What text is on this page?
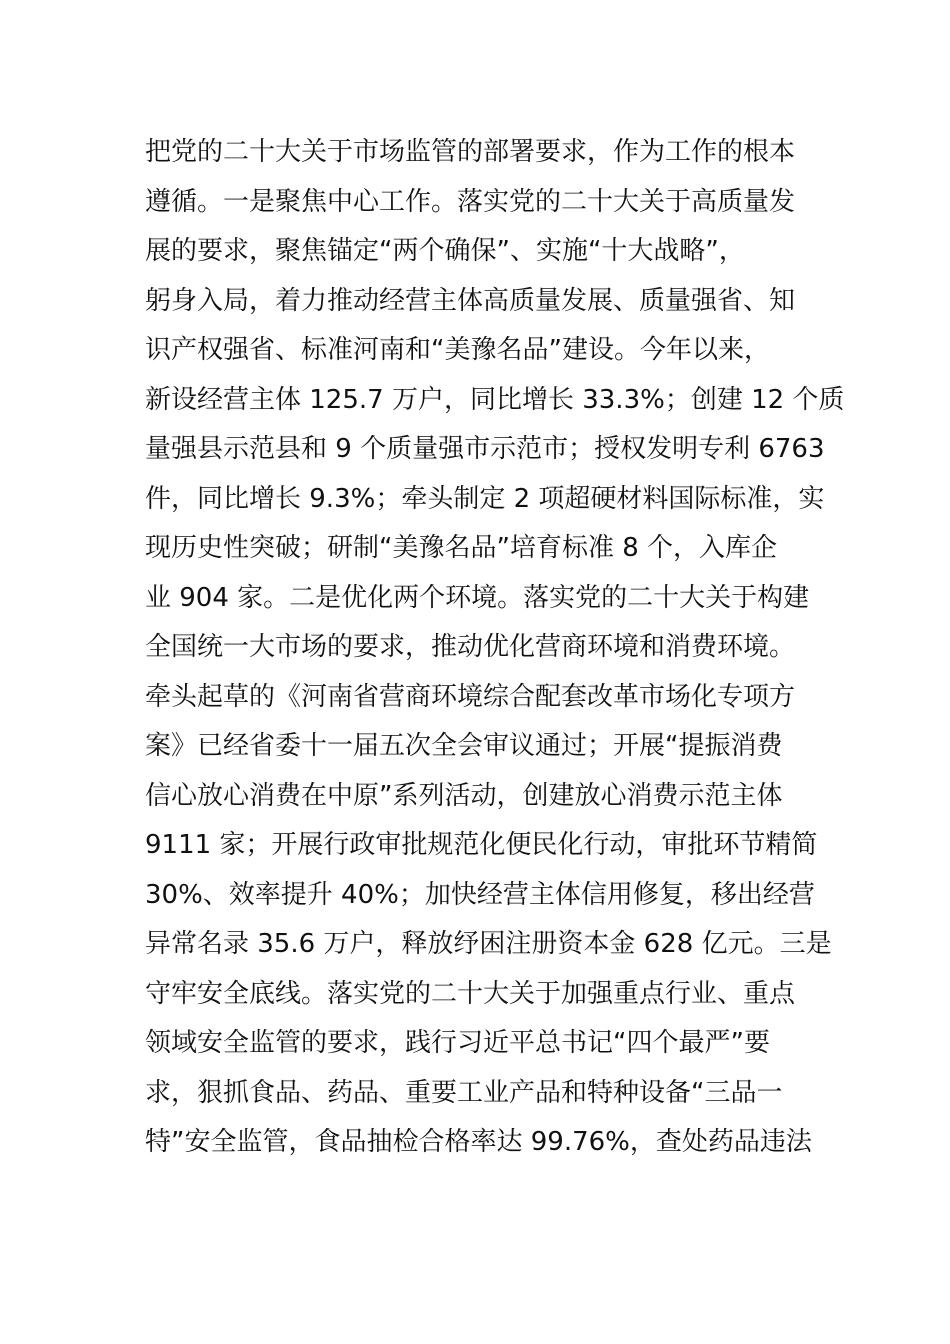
把党的二十大关于市场监管的部署要求，作为工作的根本
遵循。一是聚焦中心工作。落实党的二十大关于高质量发
展的要求，聚焦锚定“两个确保”、实施“十大战略”，
躬身入局，着力推动经营主体高质量发展、质量强省、知
识产权强省、标准河南和“美豫名品”建设。今年以来，
新设经营主体 125.7 万户，同比增长 33.3%；创建 12 个质
量强县示范县和 9 个质量强市示范市；授权发明专利 6763
件，同比增长 9.3%；牵头制定 2 项超硬材料国际标准，实
现历史性突破；研制“美豫名品”培育标准 8 个，入库企
业 904 家。二是优化两个环境。落实党的二十大关于构建
全国统一大市场的要求，推动优化营商环境和消费环境。
牵头起草的《河南省营商环境综合配套改革市场化专项方
案》已经省委十一届五次全会审议通过；开展“提振消费
信心放心消费在中原”系列活动，创建放心消费示范主体
9111 家；开展行政审批规范化便民化行动，审批环节精简
30%、效率提升 40%；加快经营主体信用修复，移出经营
异常名录 35.6 万户，释放纾困注册资本金 628 亿元。三是
守牢安全底线。落实党的二十大关于加强重点行业、重点
领域安全监管的要求，践行习近平总书记“四个最严”要
求，狠抓食品、药品、重要工业产品和特种设备“三品一
特”安全监管，食品抽检合格率达 99.76%，查处药品违法
